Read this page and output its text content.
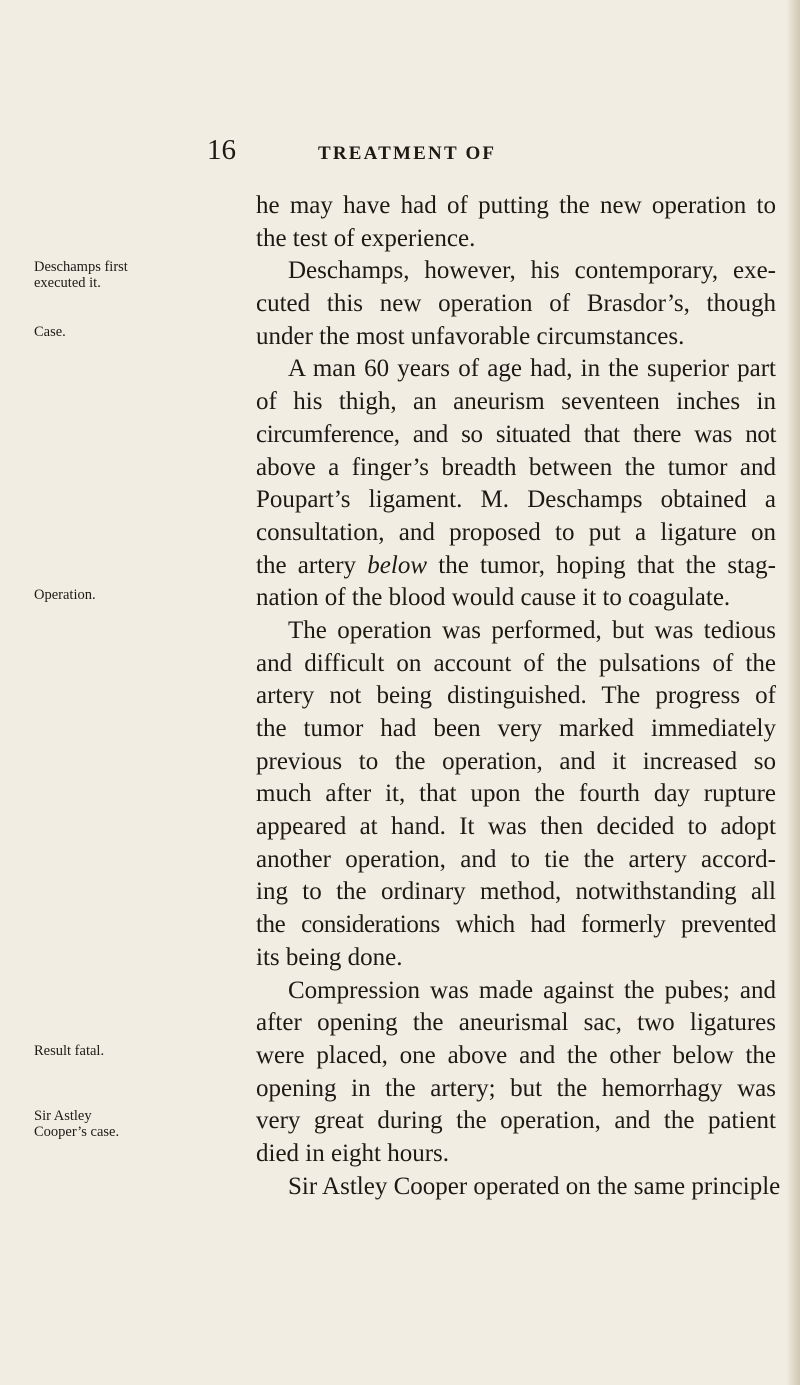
16	TREATMENT OF
Deschamps first
executed it.
Case.
Operation.
Result fatal.
Sir Astley
Cooper’s case.
he may have had of putting the new operation to
the test of experience.
Deschamps, however, his contemporary, exe-
cuted this new operation of Brasdor’s, though
under the most unfavorable circumstances.
A man 60 years of age had, in the superior part
of his thigh, an aneurism seventeen inches in
circumference, and so situated that there was not
above a finger’s breadth between the tumor and
Poupart’s ligament. M. Deschamps obtained a
consultation, and proposed to put a ligature on
the artery below the tumor, hoping that the stag-
nation of the blood would cause it to coagulate.
The operation was performed, but was tedious
and difficult on account of the pulsations of the
artery not being distinguished. The progress of
the tumor had been very marked immediately
previous to the operation, and it increased so
much after it, that upon the fourth day rupture
appeared at hand. It was then decided to adopt
another operation, and to tie the artery accord-
ing to the ordinary method, notwithstanding all
the considerations which had formerly prevented
its being done.
Compression was made against the pubes; and
after opening the aneurismal sac, two ligatures
were placed, one above and the other below the
opening in the artery; but the hemorrhagy was
very great during the operation, and the patient
died in eight hours.
Sir Astley Cooper operated on the same principle
